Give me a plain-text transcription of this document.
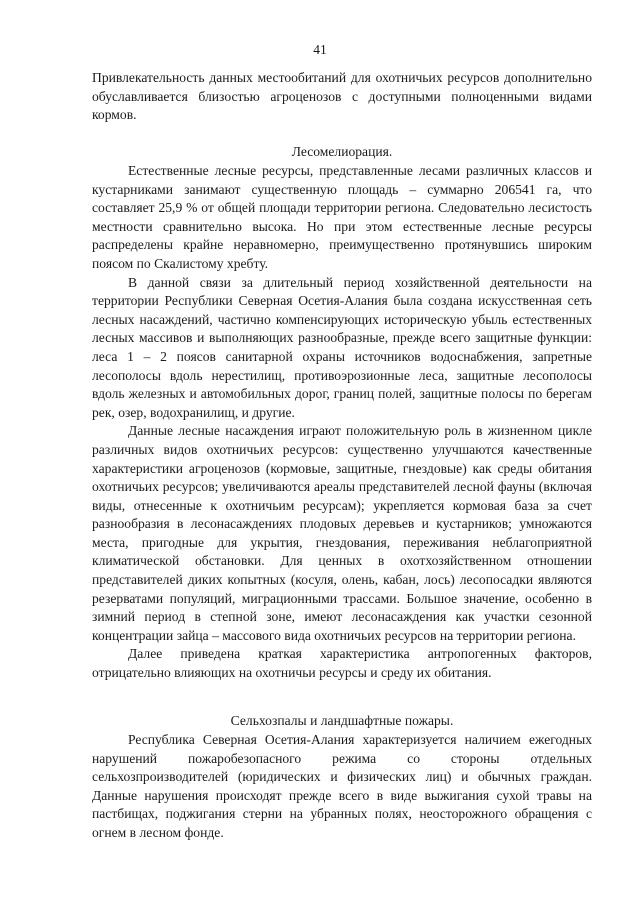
41

Привлекательность данных местообитаний для охотничьих ресурсов дополнительно обуславливается близостью агроценозов с доступными полноценными видами кормов.

Лесомелиорация.

Естественные лесные ресурсы, представленные лесами различных классов и кустарниками занимают существенную площадь – суммарно 206541 га, что составляет 25,9 % от общей площади территории региона. Следовательно лесистость местности сравнительно высока. Но при этом естественные лесные ресурсы распределены крайне неравномерно, преимущественно протянувшись широким поясом по Скалистому хребту.

В данной связи за длительный период хозяйственной деятельности на территории Республики Северная Осетия-Алания была создана искусственная сеть лесных насаждений, частично компенсирующих историческую убыль естественных лесных массивов и выполняющих разнообразные, прежде всего защитные функции: леса 1 – 2 поясов санитарной охраны источников водоснабжения, запретные лесополосы вдоль нерестилищ, противоэрозионные леса, защитные лесополосы вдоль железных и автомобильных дорог, границ полей, защитные полосы по берегам рек, озер, водохранилищ, и другие.

Данные лесные насаждения играют положительную роль в жизненном цикле различных видов охотничьих ресурсов: существенно улучшаются качественные характеристики агроценозов (кормовые, защитные, гнездовые) как среды обитания охотничьих ресурсов; увеличиваются ареалы представителей лесной фауны (включая виды, отнесенные к охотничьим ресурсам); укрепляется кормовая база за счет разнообразия в лесонасаждениях плодовых деревьев и кустарников; умножаются места, пригодные для укрытия, гнездования, переживания неблагоприятной климатической обстановки. Для ценных в охотхозяйственном отношении представителей диких копытных (косуля, олень, кабан, лось) лесопосадки являются резерватами популяций, миграционными трассами. Большое значение, особенно в зимний период в степной зоне, имеют лесонасаждения как участки сезонной концентрации зайца – массового вида охотничьих ресурсов на территории региона.

Далее приведена краткая характеристика антропогенных факторов, отрицательно влияющих на охотничьи ресурсы и среду их обитания.

Сельхозпалы и ландшафтные пожары.

Республика Северная Осетия-Алания характеризуется наличием ежегодных нарушений пожаробезопасного режима со стороны отдельных сельхозпроизводителей (юридических и физических лиц) и обычных граждан. Данные нарушения происходят прежде всего в виде выжигания сухой травы на пастбищах, поджигания стерни на убранных полях, неосторожного обращения с огнем в лесном фонде.
